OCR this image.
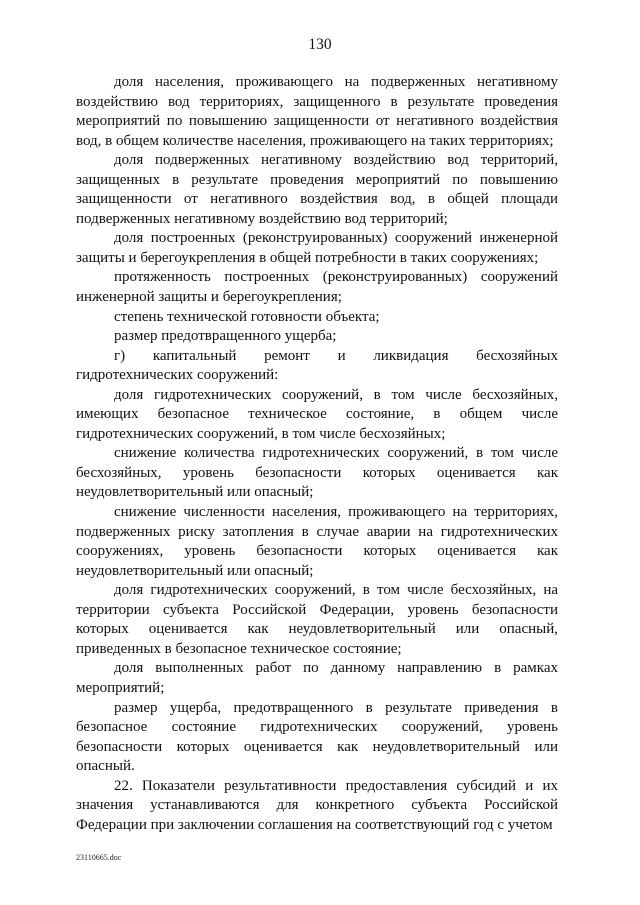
130

доля населения, проживающего на подверженных негативному воздействию вод территориях, защищенного в результате проведения мероприятий по повышению защищенности от негативного воздействия вод, в общем количестве населения, проживающего на таких территориях;

доля подверженных негативному воздействию вод территорий, защищенных в результате проведения мероприятий по повышению защищенности от негативного воздействия вод, в общей площади подверженных негативному воздействию вод территорий;

доля построенных (реконструированных) сооружений инженерной защиты и берегоукрепления в общей потребности в таких сооружениях;

протяженность построенных (реконструированных) сооружений инженерной защиты и берегоукрепления;

степень технической готовности объекта;

размер предотвращенного ущерба;

г) капитальный ремонт и ликвидация бесхозяйных гидротехнических сооружений:

доля гидротехнических сооружений, в том числе бесхозяйных, имеющих безопасное техническое состояние, в общем числе гидротехнических сооружений, в том числе бесхозяйных;

снижение количества гидротехнических сооружений, в том числе бесхозяйных, уровень безопасности которых оценивается как неудовлетворительный или опасный;

снижение численности населения, проживающего на территориях, подверженных риску затопления в случае аварии на гидротехнических сооружениях, уровень безопасности которых оценивается как неудовлетворительный или опасный;

доля гидротехнических сооружений, в том числе бесхозяйных, на территории субъекта Российской Федерации, уровень безопасности которых оценивается как неудовлетворительный или опасный, приведенных в безопасное техническое состояние;

доля выполненных работ по данному направлению в рамках мероприятий;

размер ущерба, предотвращенного в результате приведения в безопасное состояние гидротехнических сооружений, уровень безопасности которых оценивается как неудовлетворительный или опасный.

22. Показатели результативности предоставления субсидий и их значения устанавливаются для конкретного субъекта Российской Федерации при заключении соглашения на соответствующий год с учетом

23110665.doc
